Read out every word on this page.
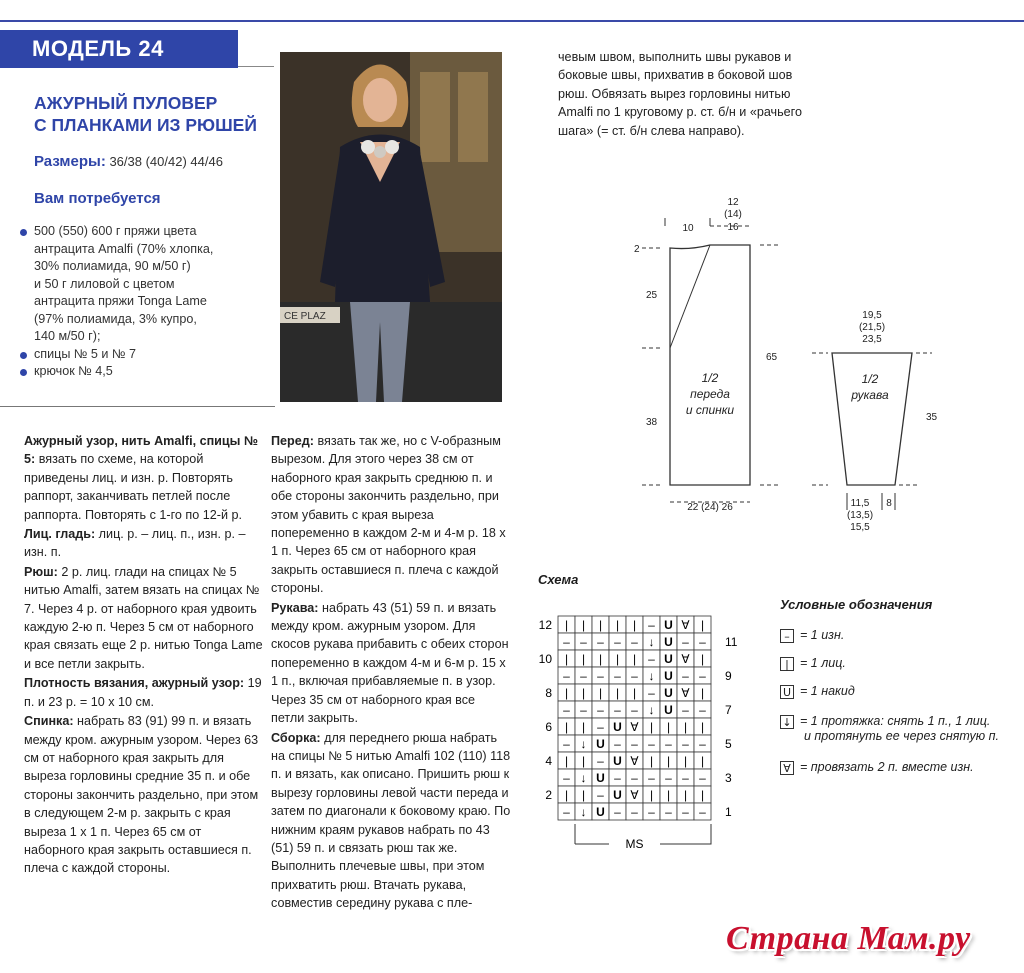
МОДЕЛЬ 24
АЖУРНЫЙ ПУЛОВЕР
С ПЛАНКАМИ ИЗ РЮШЕЙ
Размеры: 36/38 (40/42) 44/46
Вам потребуется
500 (550) 600 г пряжи цвета
антрацита Amalfi (70% хлопка,
30% полиамида, 90 м/50 г)
и 50 г лиловой с цветом
антрацита пряжи Tonga Lame
(97% полиамида, 3% купро,
140 м/50 г);
спицы № 5 и № 7
крючок № 4,5
CE PLAZ

Ажурный узор, нить Amalfi, спицы № 5: вязать по схеме, на которой приведены лиц. и изн. р. Повторять раппорт, заканчивать петлей после раппорта. Повторять с 1-го по 12-й р.

Лиц. гладь: лиц. р. – лиц. п., изн. р. – изн. п.

Рюш: 2 р. лиц. глади на спицах № 5 нитью Amalfi, затем вязать на спицах № 7. Через 4 р. от наборного края удвоить каждую 2-ю п. Через 5 см от наборного края связать еще 2 р. нитью Tonga Lame и все петли закрыть.

Плотность вязания, ажурный узор: 19 п. и 23 р. = 10 х 10 см.

Спинка: набрать 83 (91) 99 п. и вязать между кром. ажурным узором. Через 63 см от наборного края закрыть для выреза горловины средние 35 п. и обе стороны закончить раздельно, при этом в следующем 2-м р. закрыть с края выреза 1 х 1 п. Через 65 см от наборного края закрыть оставшиеся п. плеча с каждой стороны.

Перед: вязать так же, но с V-образным вырезом. Для этого через 38 см от наборного края закрыть среднюю п. и обе стороны закончить раздельно, при этом убавить с края выреза попеременно в каждом 2-м и 4-м р. 18 х 1 п. Через 65 см от наборного края закрыть оставшиеся п. плеча с каждой стороны.

Рукава: набрать 43 (51) 59 п. и вязать между кром. ажурным узором. Для скосов рукава прибавить с обеих сторон попеременно в каждом 4-м и 6-м р. 15 х 1 п., включая прибавляемые п. в узор. Через 35 см от наборного края все петли закрыть.

Сборка: для переднего рюша набрать на спицы № 5 нитью Amalfi 102 (110) 118 п. и вязать, как описано. Пришить рюш к вырезу горловины левой части переда и затем по диагонали к боковому краю. По нижним краям рукавов набрать по 43 (51) 59 п. и связать рюш так же. Выполнить плечевые швы, при этом прихватить рюш. Втачать рукава, совместив середину рукава с пле-

чевым швом, выполнить швы рукавов и боковые швы, прихватив в боковой шов рюш. Обвязать вырез горловины нитью Amalfi по 1 круговому р. ст. б/н и «рачьего шага» (= ст. б/н слева направо).
12
(14)
16
10
2
25
38
65
22 (24) 26
1/2
переда
и спинки
19,5
(21,5)
23,5
35
11,5
(13,5)
15,5
8
1/2
рукава
Схема
| | | | | – U Ɐ |
– – – – – ↓ U – –
| | | | | – U Ɐ |
– – – – – ↓ U – –
| | | | | – U Ɐ |
– – – – – ↓ U – –
| | – U Ɐ | | | |
– ↓ U – – – – – –
| | – U Ɐ | | | |
– ↓ U – – – – – –
| | – U Ɐ | | | |
– ↓ U – – – – – –
12
10
8
6
4
2
11
9
7
5
3
1
MS
Условные обозначения
– = 1 изн.
| = 1 лиц.
U = 1 накид
↓ = 1 протяжка: снять 1 п., 1 лиц.
и протянуть ее через снятую п.
Ɐ = провязать 2 п. вместе изн.
Страна Мам.ру
